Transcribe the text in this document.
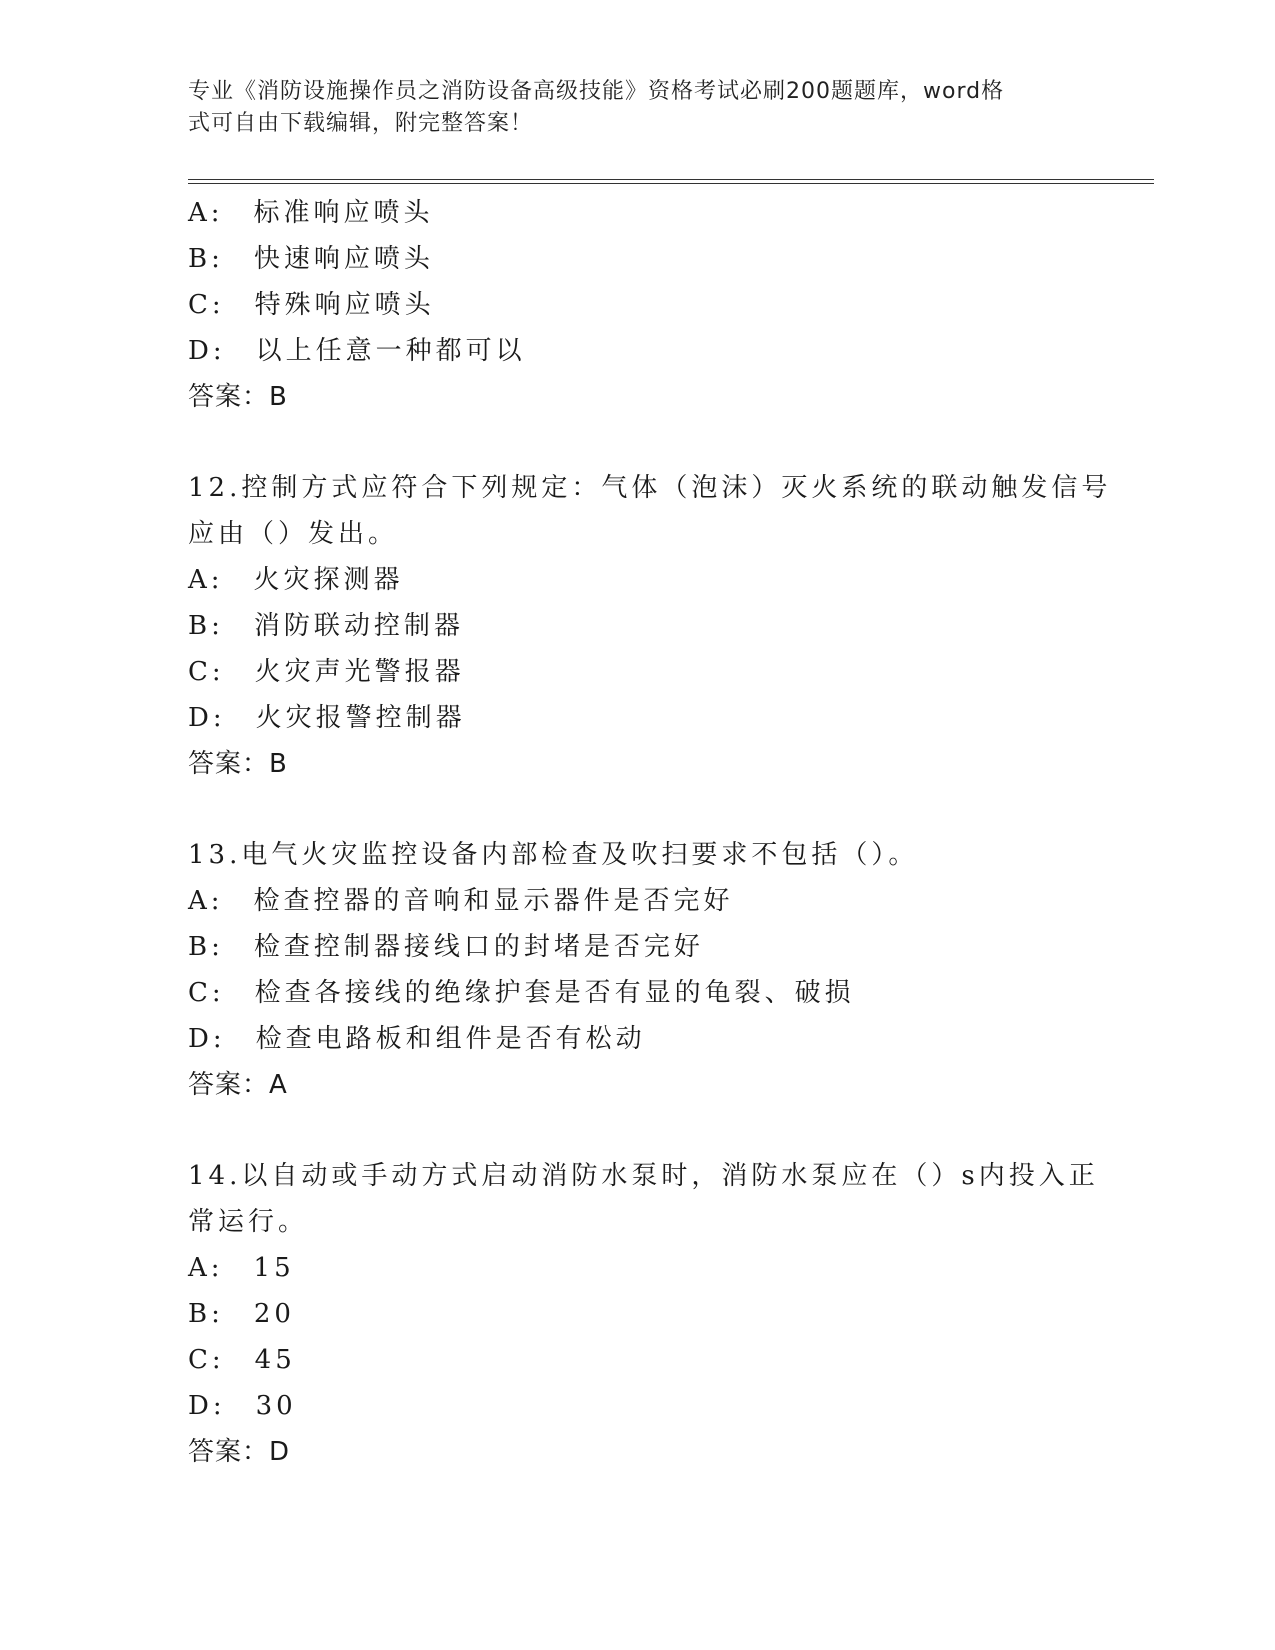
专业《消防设施操作员之消防设备高级技能》资格考试必刷200题题库，word格
式可自由下载编辑，附完整答案！
A:　标准响应喷头
B:　快速响应喷头
C:　特殊响应喷头
D:　以上任意一种都可以
答案：B
12.控制方式应符合下列规定：气体（泡沫）灭火系统的联动触发信号
应由（）发出。
A:　火灾探测器
B:　消防联动控制器
C:　火灾声光警报器
D:　火灾报警控制器
答案：B
13.电气火灾监控设备内部检查及吹扫要求不包括（）。
A:　检查控器的音响和显示器件是否完好
B:　检查控制器接线口的封堵是否完好
C:　检查各接线的绝缘护套是否有显的龟裂、破损
D:　检查电路板和组件是否有松动
答案：A
14.以自动或手动方式启动消防水泵时，消防水泵应在（）s内投入正
常运行。
A:　15
B:　20
C:　45
D:　30
答案：D
